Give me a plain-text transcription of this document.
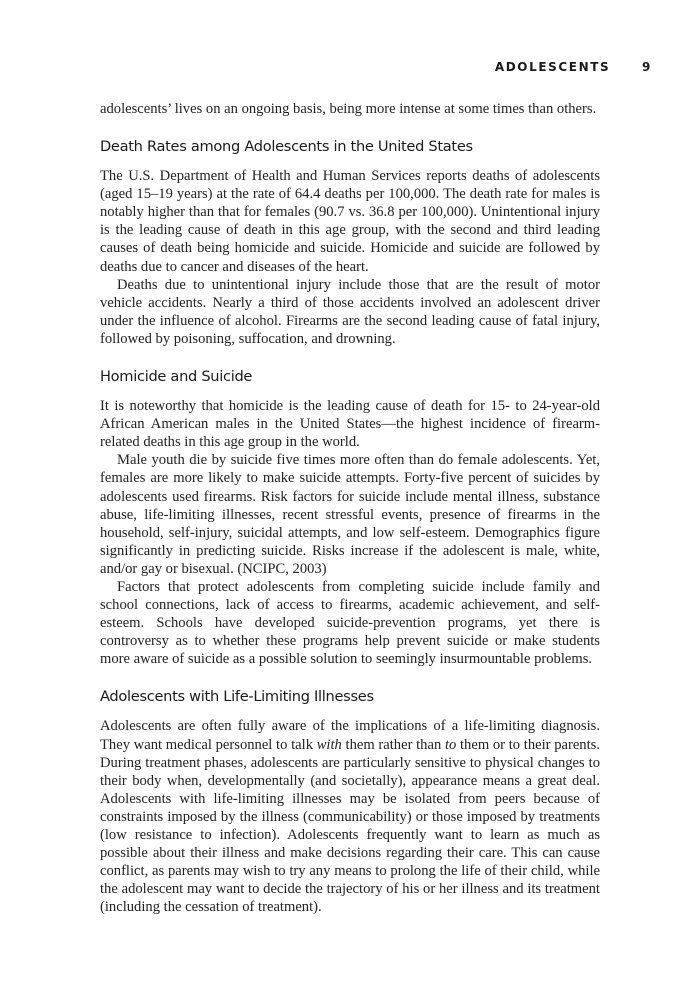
ADOLESCENTS	9

adolescents’ lives on an ongoing basis, being more intense at some times than others.

Death Rates among Adolescents in the United States

The U.S. Department of Health and Human Services reports deaths of adolescents (aged 15–19 years) at the rate of 64.4 deaths per 100,000. The death rate for males is notably higher than that for females (90.7 vs. 36.8 per 100,000). Unintentional injury is the leading cause of death in this age group, with the second and third leading causes of death being homicide and suicide. Homicide and suicide are followed by deaths due to cancer and diseases of the heart.

Deaths due to unintentional injury include those that are the result of motor vehicle accidents. Nearly a third of those accidents involved an adolescent driver under the influence of alcohol. Firearms are the second leading cause of fatal injury, followed by poisoning, suffocation, and drowning.

Homicide and Suicide

It is noteworthy that homicide is the leading cause of death for 15- to 24-year-old African American males in the United States—the highest incidence of firearm-related deaths in this age group in the world.

Male youth die by suicide five times more often than do female adolescents. Yet, females are more likely to make suicide attempts. Forty-five percent of suicides by adolescents used firearms. Risk factors for suicide include mental illness, substance abuse, life-limiting illnesses, recent stressful events, presence of firearms in the household, self-injury, suicidal attempts, and low self-esteem. Demographics figure significantly in predicting suicide. Risks increase if the adolescent is male, white, and/or gay or bisexual. (NCIPC, 2003)

Factors that protect adolescents from completing suicide include family and school connections, lack of access to firearms, academic achievement, and self-esteem. Schools have developed suicide-prevention programs, yet there is controversy as to whether these programs help prevent suicide or make students more aware of suicide as a possible solution to seemingly insurmountable problems.

Adolescents with Life-Limiting Illnesses

Adolescents are often fully aware of the implications of a life-limiting diagnosis. They want medical personnel to talk with them rather than to them or to their parents. During treatment phases, adolescents are particularly sensitive to physical changes to their body when, developmentally (and societally), appearance means a great deal. Adolescents with life-limiting illnesses may be isolated from peers because of constraints imposed by the illness (communicability) or those imposed by treatments (low resistance to infection). Adolescents frequently want to learn as much as possible about their illness and make decisions regarding their care. This can cause conflict, as parents may wish to try any means to prolong the life of their child, while the adolescent may want to decide the trajectory of his or her illness and its treatment (including the cessation of treatment).
